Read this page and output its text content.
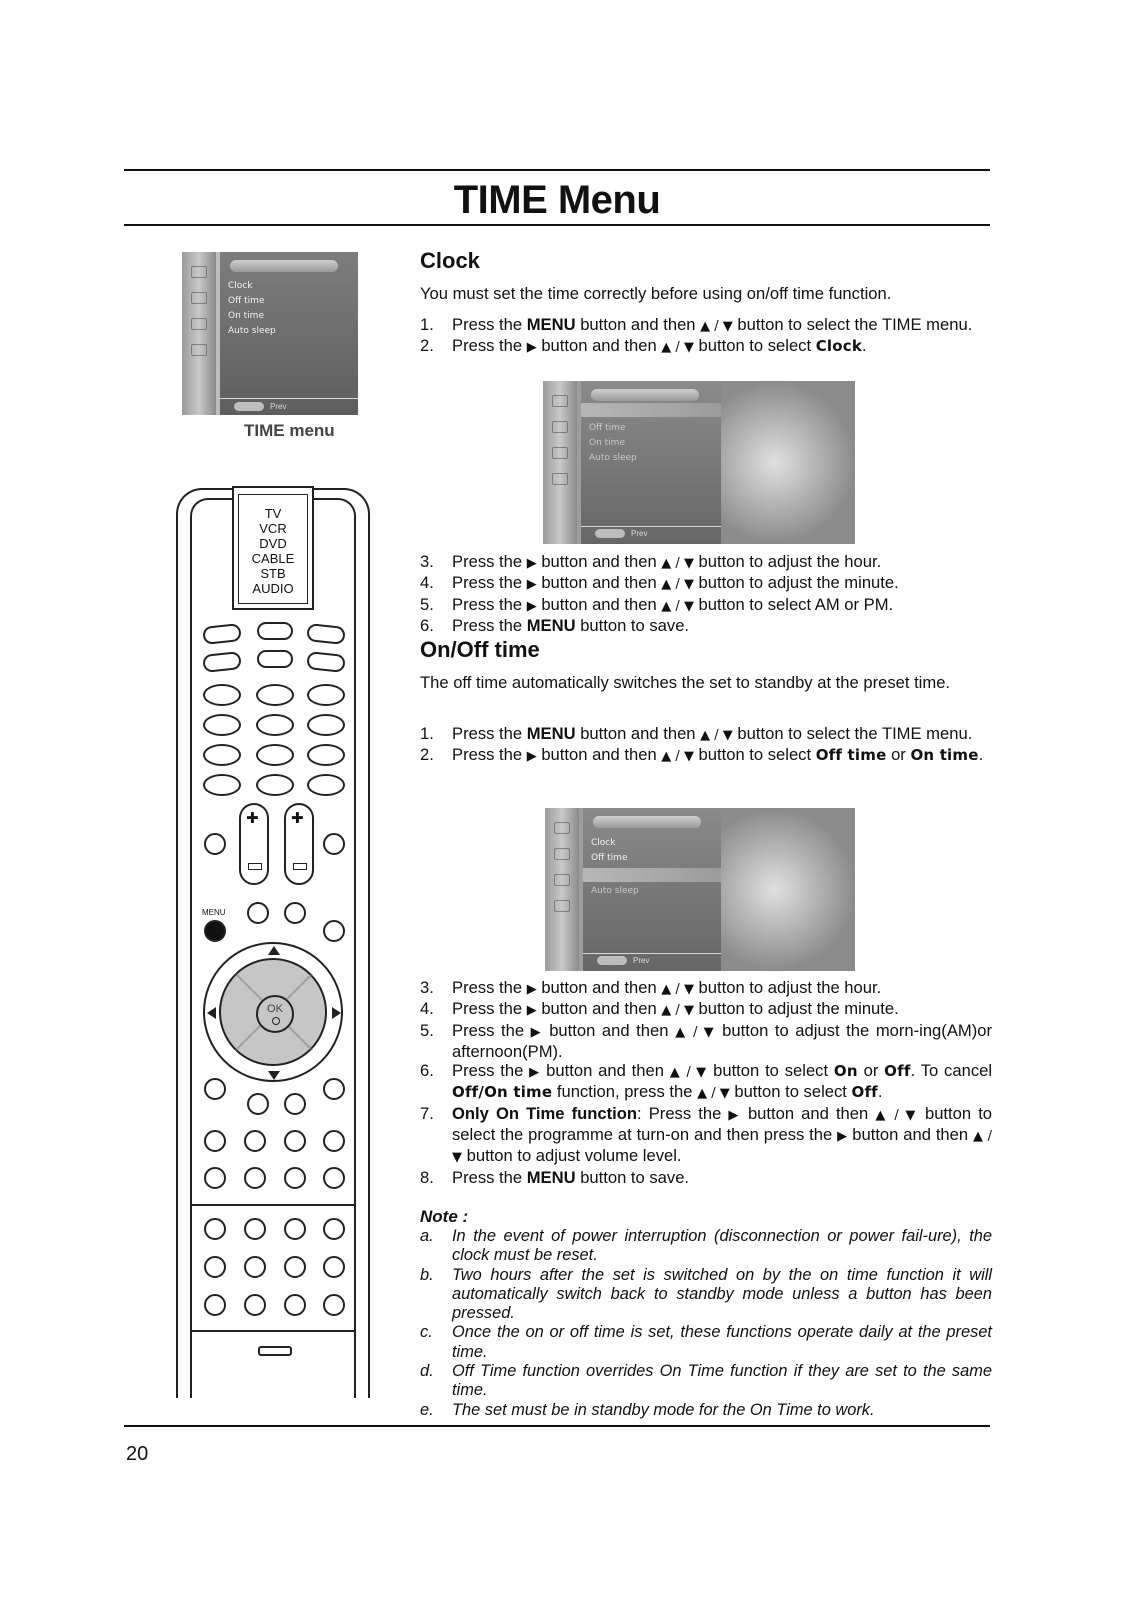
TIME Menu
Clock
Off time
On time
Auto sleep
Prev
TIME menu
TV
VCR
DVD
CABLE
STB
AUDIO
✚ ✚
MENU
OK
Clock

You must set the time correctly before using on/off time function.

1. Press the MENU button and then ▲ / ▼ button to select the TIME menu.
2. Press the ▶ button and then ▲ / ▼ button to select Clock.
Off time
On time
Auto sleep
Prev
3. Press the ▶ button and then ▲ / ▼ button to adjust the hour.
4. Press the ▶ button and then ▲ / ▼ button to adjust the minute.
5. Press the ▶ button and then ▲ / ▼ button to select AM or PM.
6. Press the MENU button to save.
On/Off time

The off time automatically switches the set to standby at the preset time.

1. Press the MENU button and then ▲ / ▼ button to select the TIME menu.
2. Press the ▶ button and then ▲ / ▼ button to select Off time or On time.
Clock
Off time
Auto sleep
Prev
3. Press the ▶ button and then ▲ / ▼ button to adjust the hour.
4. Press the ▶ button and then ▲ / ▼ button to adjust the minute.
5. Press the ▶ button and then ▲ / ▼ button to adjust the morn-ing(AM)or afternoon(PM).
6. Press the ▶ button and then ▲ / ▼ button to select On or Off. To cancel Off/On time function, press the ▲ / ▼ button to select Off.
7. Only On Time function: Press the ▶ button and then ▲ / ▼ button to select the programme at turn-on and then press the ▶ button and then ▲ / ▼ button to adjust volume level.
8. Press the MENU button to save.
Note :
a. In the event of power interruption (disconnection or power fail-ure), the clock must be reset.
b. Two hours after the set is switched on by the on time function it will automatically switch back to standby mode unless a button has been pressed.
c. Once the on or off time is set, these functions operate daily at the preset time.
d. Off Time function overrides On Time function if they are set to the same time.
e. The set must be in standby mode for the On Time to work.
20
